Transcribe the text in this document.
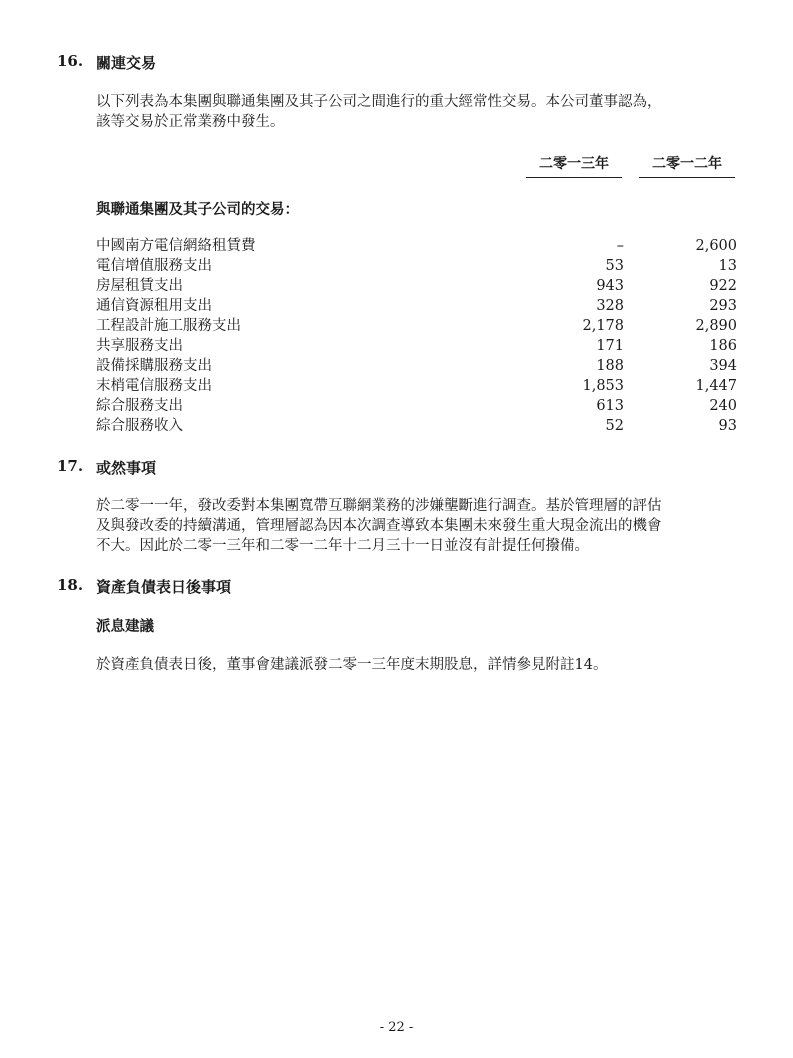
16. 關連交易

以下列表為本集團與聯通集團及其子公司之間進行的重大經常性交易。本公司董事認為，

該等交易於正常業務中發生。

二零一三年	二零一二年
與聯通集團及其子公司的交易：
中國南方電信網絡租賃費	–	2,600
電信增值服務支出	53	13
房屋租賃支出	943	922
通信資源租用支出	328	293
工程設計施工服務支出	2,178	2,890
共享服務支出	171	186
設備採購服務支出	188	394
末梢電信服務支出	1,853	1,447
綜合服務支出	613	240
綜合服務收入	52	93
17. 或然事項

於二零一一年，發改委對本集團寬帶互聯網業務的涉嫌壟斷進行調查。基於管理層的評估

及與發改委的持續溝通，管理層認為因本次調查導致本集團未來發生重大現金流出的機會

不大。因此於二零一三年和二零一二年十二月三十一日並沒有計提任何撥備。

18. 資產負債表日後事項
派息建議

於資產負債表日後，董事會建議派發二零一三年度末期股息，詳情參見附註14。

- 22 -
